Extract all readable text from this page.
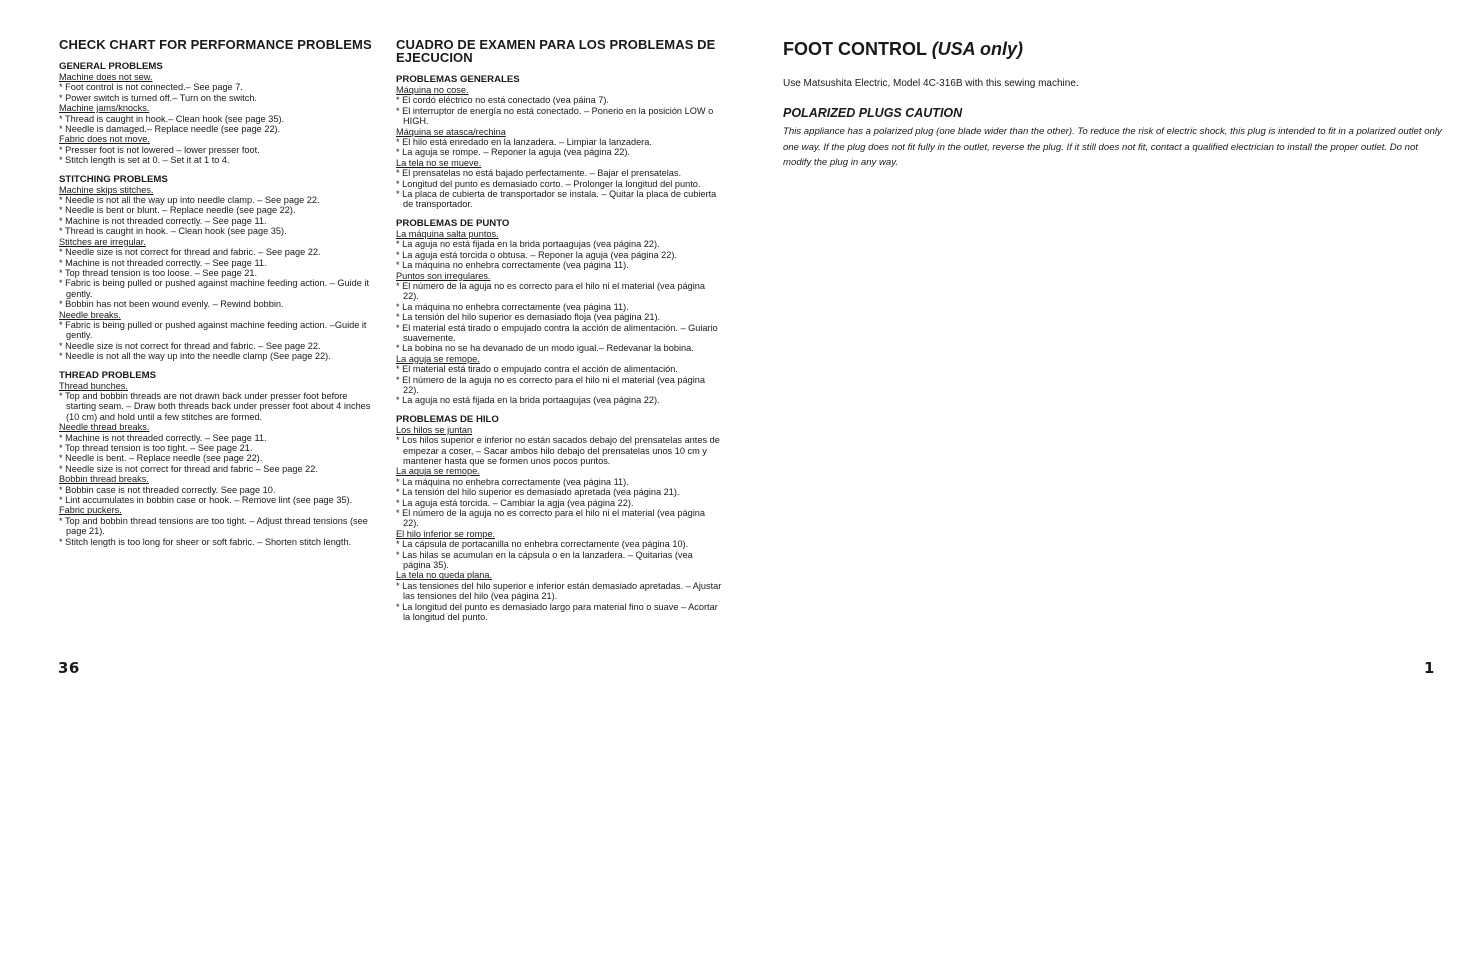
CHECK CHART FOR PERFORMANCE PROBLEMS
GENERAL PROBLEMS
Machine does not sew.
* Foot control is not connected.– See page 7.
* Power switch is turned off.– Turn on the switch.
Machine jams/knocks.
* Thread is caught in hook.– Clean hook (see page 35).
* Needle is damaged.– Replace needle (see page 22).
Fabric does not move.
* Presser foot is not lowered – lower presser foot.
* Stitch length is set at 0. – Set it at 1 to 4.
STITCHING PROBLEMS
Machine skips stitches.
* Needle is not all the way up into needle clamp. – See page 22.
* Needle is bent or blunt. – Replace needle (see page 22).
* Machine is not threaded correctly. – See page 11.
* Thread is caught in hook. – Clean hook (see page 35).
Stitches are irregular.
* Needle size is not correct for thread and fabric. – See page 22.
* Machine is not threaded correctly. – See page 11.
* Top thread tension is too loose. – See page 21.
* Fabric is being pulled or pushed against machine feeding action. – Guide it gently.
* Bobbin has not been wound evenly. – Rewind bobbin.
Needle breaks.
* Fabric is being pulled or pushed against machine feeding action. –Guide it gently.
* Needle size is not correct for thread and fabric. – See page 22.
* Needle is not all the way up into the needle clamp (See page 22).
THREAD PROBLEMS
Thread bunches.
* Top and bobbin threads are not drawn back under presser foot before starting seam. – Draw both threads back under presser foot about 4 inches (10 cm) and hold until a few stitches are formed.
Needle thread breaks.
* Machine is not threaded correctly. – See page 11.
* Top thread tension is too tight. – See page 21.
* Needle is bent. – Replace needle (see page 22).
* Needle size is not correct for thread and fabric – See page 22.
Bobbin thread breaks.
* Bobbin case is not threaded correctly. See page 10.
* Lint accumulates in bobbin case or hook. – Remove lint (see page 35).
Fabric puckers.
* Top and bobbin thread tensions are too tight. – Adjust thread tensions (see page 21).
* Stitch length is too long for sheer or soft fabric. – Shorten stitch length.
CUADRO DE EXAMEN PARA LOS PROBLEMAS DE EJECUCION
PROBLEMAS GENERALES
Máquina no cose.
* El cordó eléctrico no está conectado (vea páina 7).
* El interruptor de energía no está conectado. – Ponerio en la posición LOW o HIGH.
Máquina se atasca/rechina
* El hilo está enredado en la lanzadera. – Limpiar la lanzadera.
* La aguja se rompe. – Reponer la aguja (vea página 22).
La tela no se mueve.
* El prensatelas no está bajado perfectamente. – Bajar el prensatelas.
* Longitud del punto es demasiado corto. – Prolonger la longitud del punto.
* La placa de cubierta de transportador se instala. – Quitar la placa de cubierta de transportador.
PROBLEMAS DE PUNTO
La máquina salta puntos.
* La aguja no está fijada en la brida portaagujas (vea página 22).
* La aguja está torcida o obtusa. – Reponer la aguja (vea página 22).
* La máquina no enhebra correctamente (vea página 11).
Puntos son irregulares.
* El número de la aguja no es correcto para el hilo ni el material (vea página 22).
* La máquina no enhebra correctamente (vea página 11).
* La tensión del hilo superior es demasiado floja (vea página 21).
* El material está tirado o empujado contra la acción de alimentación. – Guiario suavemente.
* La bobina no se ha devanado de un modo igual.– Redevanar la bobina.
La aguja se remope.
* El material está tirado o empujado contra el acción de alimentación.
* El número de la aguja no es correcto para el hilo ni el material (vea página 22).
* La aguja no está fijada en la brida portaagujas (vea página 22).
PROBLEMAS DE HILO
Los hilos se juntan
* Los hilos superior e inferior no están sacados debajo del prensatelas antes de empezar a coser, – Sacar ambos hilo debajo del prensatelas unos 10 cm y mantener hasta que se formen unos pocos puntos.
La aguja se remope.
* La máquina no enhebra correctamente (vea página 11).
* La tensión del hilo superior es demasiado apretada (vea página 21).
* La aguja está torcida. – Cambiar la agja (vea página 22).
* El número de la aguja no es correcto para el hilo ni el material (vea página 22).
El hilo inferior se rompe.
* La cápsula de portacanilla no enhebra correctamente (vea página 10).
* Las hilas se acumulan en la cápsula o en la lanzadera. – Quitarias (vea página 35).
La tela no queda plana.
* Las tensiones del hilo superior e inferior están demasiado apretadas. – Ajustar las tensiones del hilo (vea página 21).
* La longitud del punto es demasiado largo para material fino o suave – Acortar la longitud del punto.
FOOT CONTROL (USA only)
Use Matsushita Electric, Model 4C-316B with this sewing machine.
POLARIZED PLUGS CAUTION
This appliance has a polarized plug (one blade wider than the other). To reduce the risk of electric shock, this plug is intended to fit in a polarized outlet only one way. If the plug does not fit fully in the outlet, reverse the plug. If it still does not fit, contact a qualified electrician to install the proper outlet. Do not modify the plug in any way.
36	1
